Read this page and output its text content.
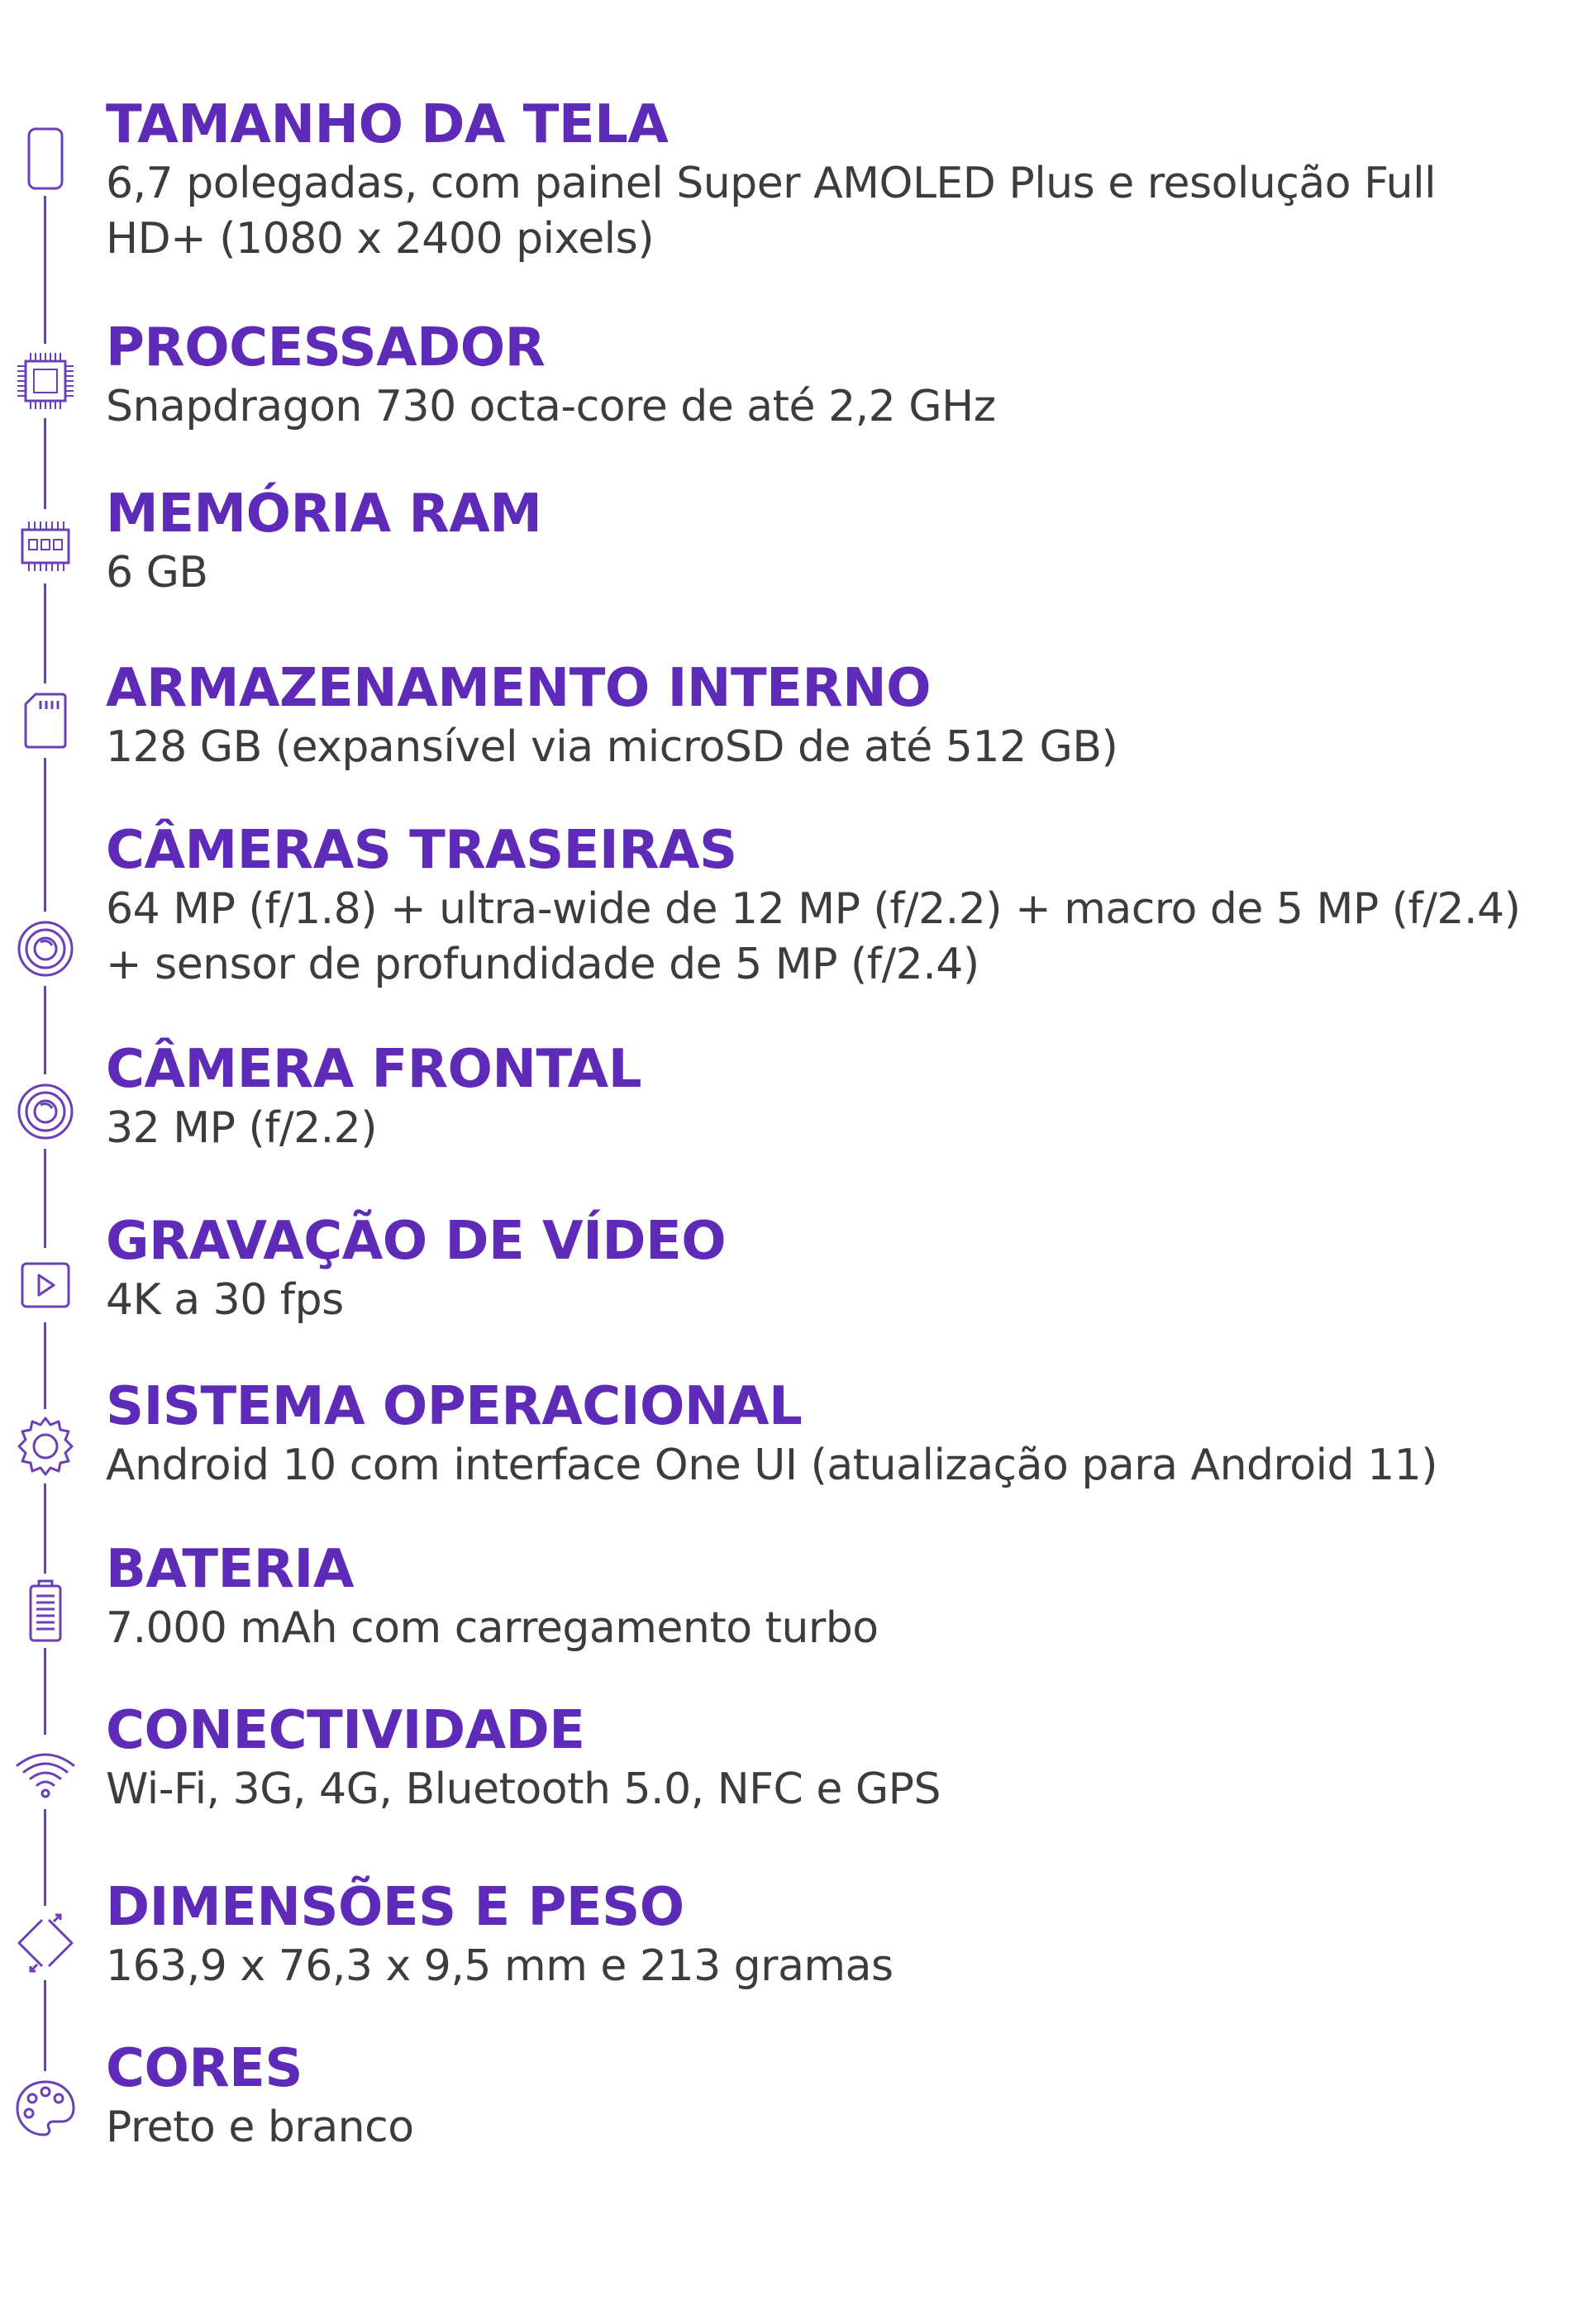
TAMANHO DA TELA

6,7 polegadas, com painel Super AMOLED Plus e resolução Full HD+ (1080 x 2400 pixels)

PROCESSADOR

Snapdragon 730 octa-core de até 2,2 GHz

MEMÓRIA RAM

6 GB

ARMAZENAMENTO INTERNO

128 GB (expansível via microSD de até 512 GB)

CÂMERAS TRASEIRAS

64 MP (f/1.8) + ultra-wide de 12 MP (f/2.2) + macro de 5 MP (f/2.4) + sensor de profundidade de 5 MP (f/2.4)

CÂMERA FRONTAL

32 MP (f/2.2)

GRAVAÇÃO DE VÍDEO

4K a 30 fps

SISTEMA OPERACIONAL

Android 10 com interface One UI (atualização para Android 11)

BATERIA

7.000 mAh com carregamento turbo

CONECTIVIDADE

Wi-Fi, 3G, 4G, Bluetooth 5.0, NFC e GPS

DIMENSÕES E PESO

163,9 x 76,3 x 9,5 mm e 213 gramas

CORES

Preto e branco
